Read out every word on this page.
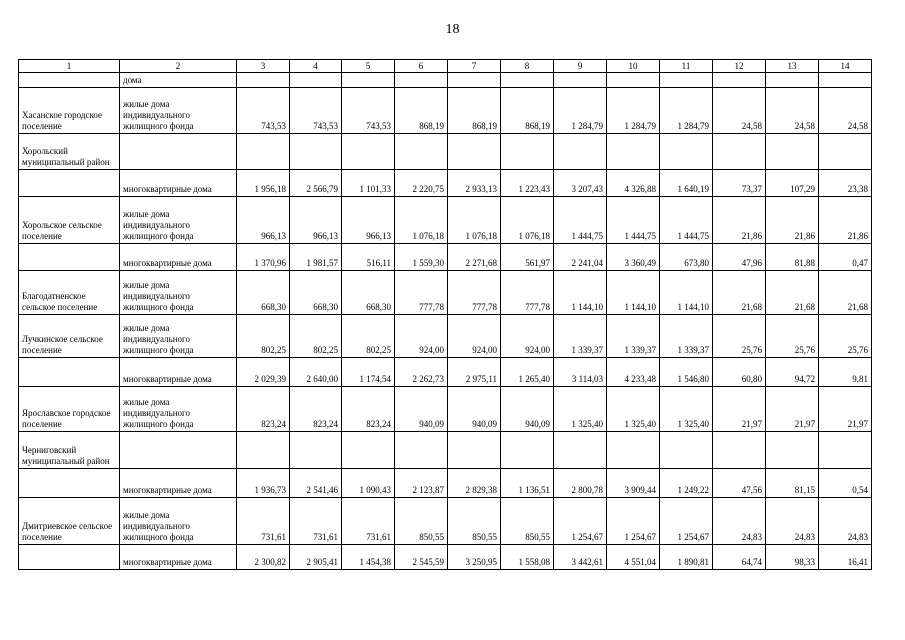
18
1	2	3	4	5	6	7	8	9	10	11	12	13	14
	дома												
Хасанское городское поселение	жилые дома индивидуального жилищного фонда	743,53	743,53	743,53	868,19	868,19	868,19	1 284,79	1 284,79	1 284,79	24,58	24,58	24,58
Хорольский муниципальный район													
	многоквартирные дома	1 956,18	2 566,79	1 101,33	2 220,75	2 933,13	1 223,43	3 207,43	4 326,88	1 640,19	73,37	107,29	23,38
Хорольское сельское поселение	жилые дома индивидуального жилищного фонда	966,13	966,13	966,13	1 076,18	1 076,18	1 076,18	1 444,75	1 444,75	1 444,75	21,86	21,86	21,86
	многоквартирные дома	1 370,96	1 981,57	516,11	1 559,30	2 271,68	561,97	2 241,04	3 360,49	673,80	47,96	81,88	0,47
Благодатненское сельское поселение	жилые дома индивидуального жилищного фонда	668,30	668,30	668,30	777,78	777,78	777,78	1 144,10	1 144,10	1 144,10	21,68	21,68	21,68
Лучкинское сельское поселение	жилые дома индивидуального жилищного фонда	802,25	802,25	802,25	924,00	924,00	924,00	1 339,37	1 339,37	1 339,37	25,76	25,76	25,76
	многоквартирные дома	2 029,39	2 640,00	1 174,54	2 262,73	2 975,11	1 265,40	3 114,03	4 233,48	1 546,80	60,80	94,72	9,81
Ярославское городское поселение	жилые дома индивидуального жилищного фонда	823,24	823,24	823,24	940,09	940,09	940,09	1 325,40	1 325,40	1 325,40	21,97	21,97	21,97
Черниговский муниципальный район													
	многоквартирные дома	1 936,73	2 541,46	1 090,43	2 123,87	2 829,38	1 136,51	2 800,78	3 909,44	1 249,22	47,56	81,15	0,54
Дмитриевское сельское поселение	жилые дома индивидуального жилищного фонда	731,61	731,61	731,61	850,55	850,55	850,55	1 254,67	1 254,67	1 254,67	24,83	24,83	24,83
	многоквартирные дома	2 300,82	2 905,41	1 454,38	2 545,59	3 250,95	1 558,08	3 442,61	4 551,04	1 890,81	64,74	98,33	16,41
